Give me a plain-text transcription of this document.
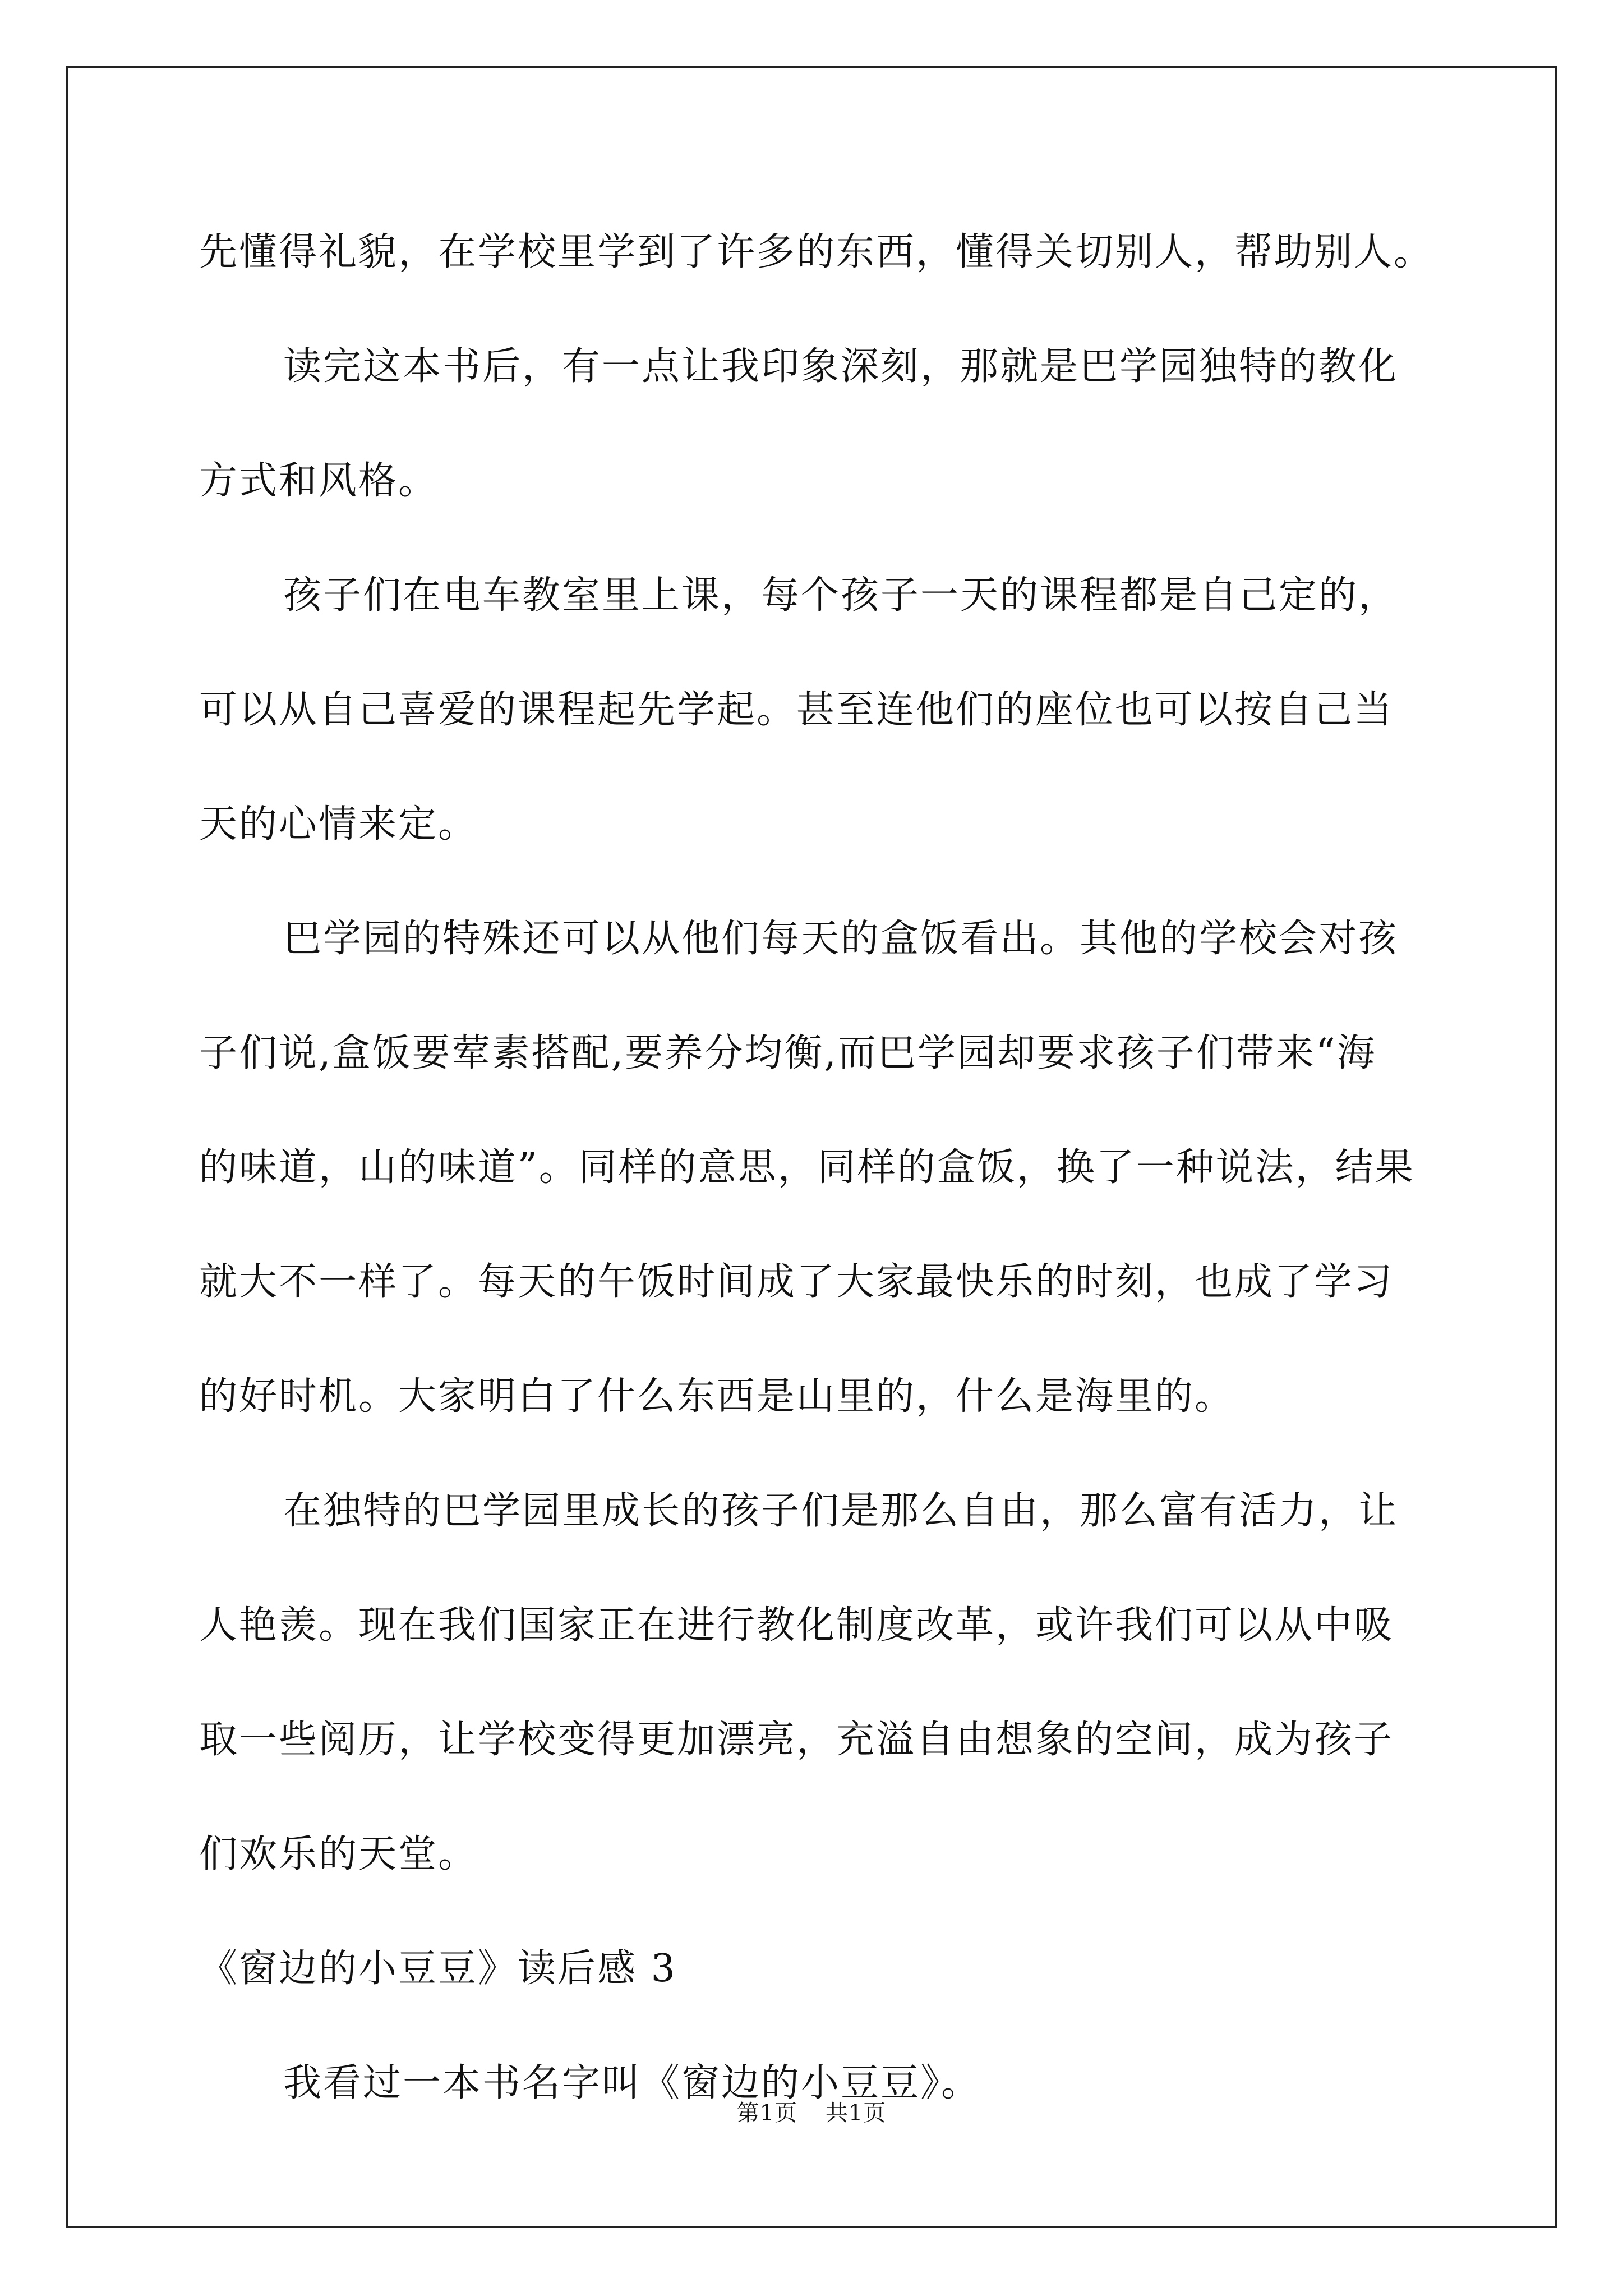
先懂得礼貌，在学校里学到了许多的东西，懂得关切别人，帮助别人。
读完这本书后，有一点让我印象深刻，那就是巴学园独特的教化
方式和风格。
孩子们在电车教室里上课，每个孩子一天的课程都是自己定的，
可以从自己喜爱的课程起先学起。甚至连他们的座位也可以按自己当
天的心情来定。
巴学园的特殊还可以从他们每天的盒饭看出。其他的学校会对孩
子们说,盒饭要荤素搭配,要养分均衡,而巴学园却要求孩子们带来“海
的味道，山的味道”。同样的意思，同样的盒饭，换了一种说法，结果
就大不一样了。每天的午饭时间成了大家最快乐的时刻，也成了学习
的好时机。大家明白了什么东西是山里的，什么是海里的。
在独特的巴学园里成长的孩子们是那么自由，那么富有活力，让
人艳羡。现在我们国家正在进行教化制度改革，或许我们可以从中吸
取一些阅历，让学校变得更加漂亮，充溢自由想象的空间，成为孩子
们欢乐的天堂。
《窗边的小豆豆》读后感 3
我看过一本书名字叫《窗边的小豆豆》。
第1页 共1页
